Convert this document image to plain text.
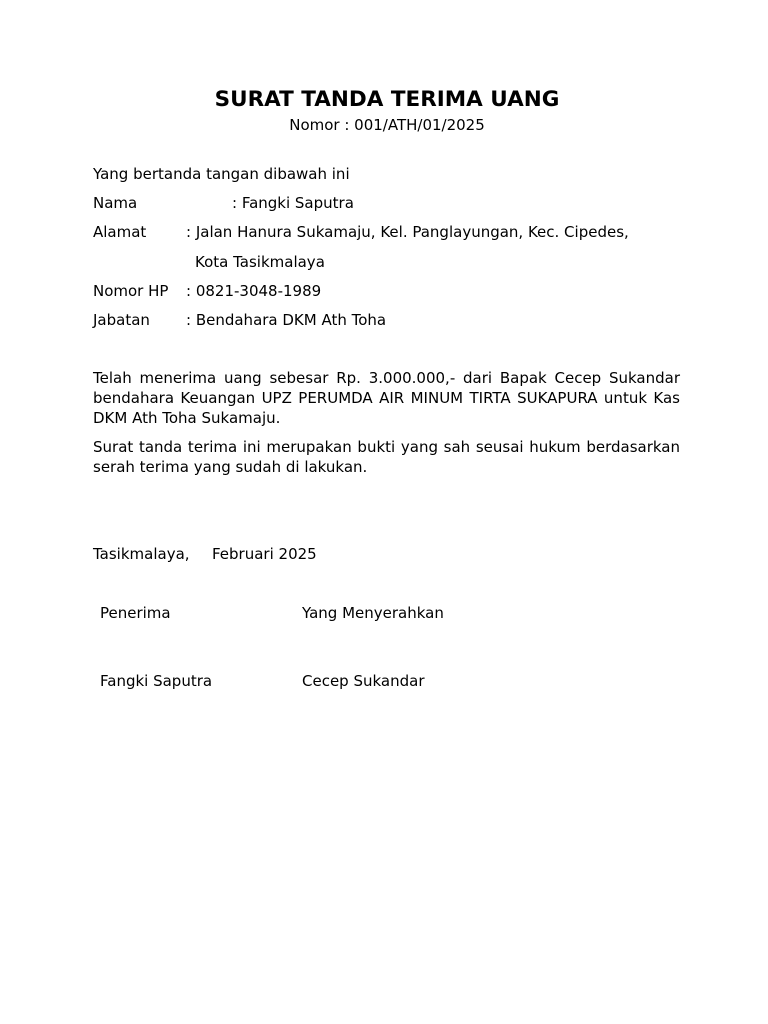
SURAT TANDA TERIMA UANG
Nomor : 001/ATH/01/2025
Yang bertanda tangan dibawah ini
Nama	: Fangki Saputra
Alamat	: Jalan Hanura Sukamaju, Kel. Panglayungan, Kec. Cipedes,
Kota Tasikmalaya
Nomor HP : 0821-3048-1989
Jabatan : Bendahara DKM Ath Toha
Telah menerima uang sebesar Rp. 3.000.000,- dari Bapak Cecep Sukandar bendahara Keuangan UPZ PERUMDA AIR MINUM TIRTA SUKAPURA untuk Kas DKM Ath Toha Sukamaju.
Surat tanda terima ini merupakan bukti yang sah seusai hukum berdasarkan serah terima yang sudah di lakukan.
Tasikmalaya, Februari 2025
Penerima	Yang Menyerahkan
Fangki Saputra	Cecep Sukandar
